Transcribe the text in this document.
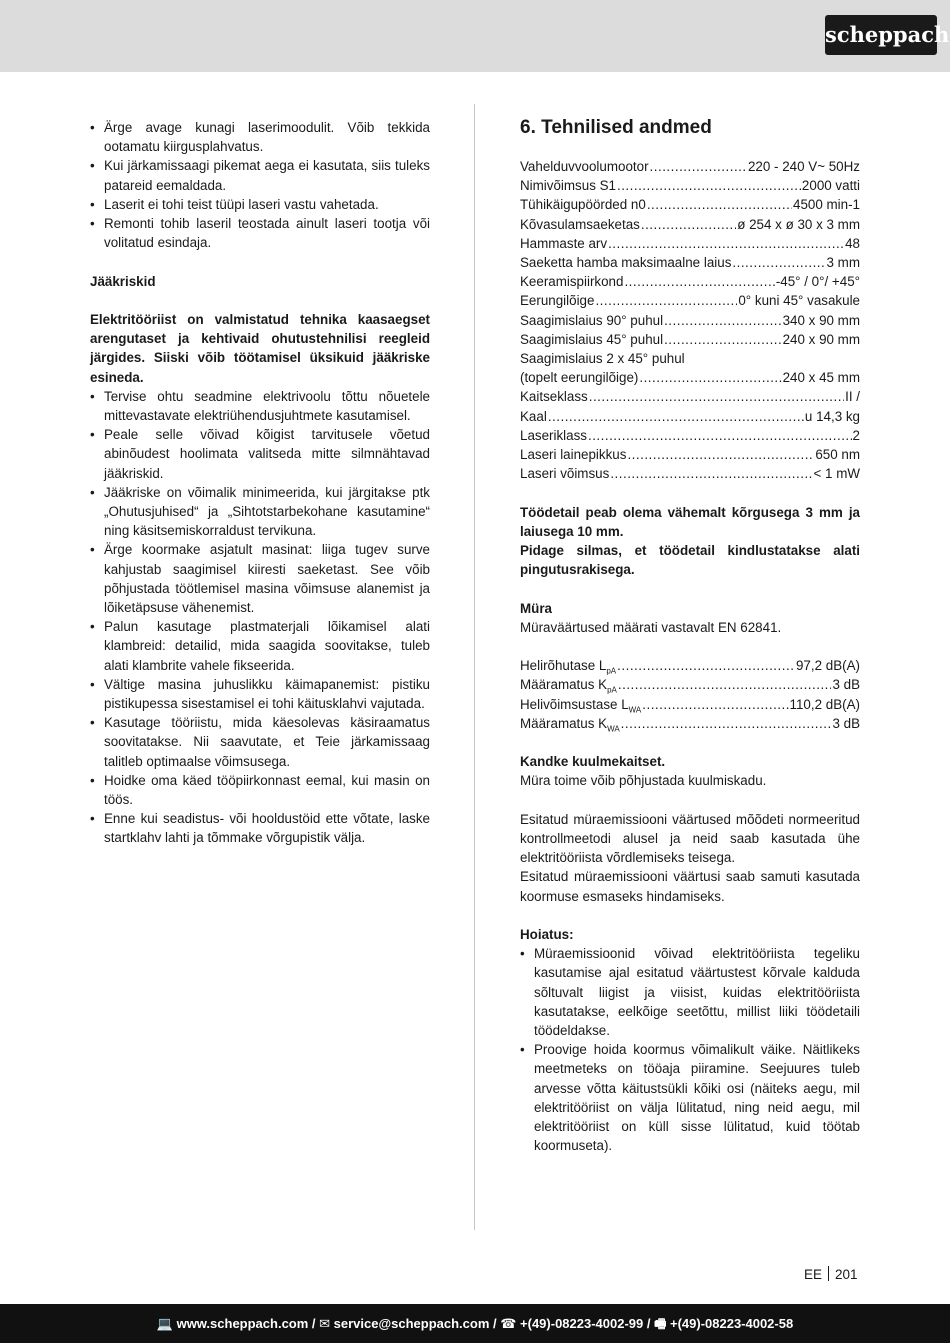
scheppach
• Ärge avage kunagi laserimoodulit. Võib tekkida ootamatu kiirgusplahvatus.
• Kui järkamissaagi pikemat aega ei kasutata, siis tuleks patareid eemaldada.
• Laserit ei tohi teist tüüpi laseri vastu vahetada.
• Remonti tohib laseril teostada ainult laseri tootja või volitatud esindaja.

Jääkriskid

Elektritööriist on valmistatud tehnika kaasaegset arengutaset ja kehtivaid ohutustehnilisi reegleid järgides. Siiski võib töötamisel üksikuid jääkriske esineda.

• Tervise ohtu seadmine elektrivoolu tõttu nõuetele mittevastavate elektriühendusjuhtmete kasutamisel.
• Peale selle võivad kõigist tarvitusele võetud abinõudest hoolimata valitseda mitte silmnähtavad jääkriskid.
• Jääkriske on võimalik minimeerida, kui järgitakse ptk „Ohutusjuhised“ ja „Sihtotstarbekohane kasutamine“ ning käsitsemiskorraldust tervikuna.
• Ärge koormake asjatult masinat: liiga tugev surve kahjustab saagimisel kiiresti saeketast. See võib põhjustada töötlemisel masina võimsuse alanemist ja lõiketäpsuse vähenemist.
• Palun kasutage plastmaterjali lõikamisel alati klambreid: detailid, mida saagida soovitakse, tuleb alati klambrite vahele fikseerida.
• Vältige masina juhuslikku käimapanemist: pistiku pistikupessa sisestamisel ei tohi käitusklahvi vajutada.
• Kasutage tööriistu, mida käesolevas käsiraamatus soovitatakse. Nii saavutate, et Teie järkamissaag talitleb optimaalse võimsusega.
• Hoidke oma käed tööpiirkonnast eemal, kui masin on töös.
• Enne kui seadistus- või hooldustöid ette võtate, laske startklahv lahti ja tõmmake võrgupistik välja.
6. Tehnilised andmed
Vahelduvvoolumootor .....	220 - 240 V~ 50Hz
Nimivõimsus S1 .....	2000 vatti
Tühikäigupöörded n0 .....	4500 min-1
Kõvasulamsaeketas .....	ø 254 x ø 30 x 3 mm
Hammaste arv .....	48
Saeketta hamba maksimaalne laius .....	3 mm
Keeramispiirkond .....	-45° / 0°/ +45°
Eerungilõige .....	0° kuni 45° vasakule
Saagimislaius 90° puhul .....	340 x 90 mm
Saagimislaius 45° puhul .....	240 x 90 mm
Saagimislaius 2 x 45° puhul
(topelt eerungilõige) .....	240 x 45 mm
Kaitseklass .....	II /
Kaal .....	u 14,3 kg
Laseriklass .....	2
Laseri lainepikkus .....	650 nm
Laseri võimsus .....	< 1 mW

Töödetail peab olema vähemalt kõrgusega 3 mm ja laiusega 10 mm.

Pidage silmas, et töödetail kindlustatakse alati pingutusrakisega.

Müra

Müraväärtused määrati vastavalt EN 62841.

Helirõhutase $L_{pA}$ .....	97,2 dB(A)
Määramatus $K_{pA}$ .....	3 dB
Helivõimsustase $L_{WA}$ .....	110,2 dB(A)
Määramatus $K_{WA}$ .....	3 dB

Kandke kuulmekaitset.

Müra toime võib põhjustada kuulmiskadu.

Esitatud müraemissiooni väärtused mõõdeti normeeritud kontrollmeetodi alusel ja neid saab kasutada ühe elektritööriista võrdlemiseks teisega.

Esitatud müraemissiooni väärtusi saab samuti kasutada koormuse esmaseks hindamiseks.

Hoiatus:

• Müraemissioonid võivad elektritööriista tegeliku kasutamise ajal esitatud väärtustest kõrvale kalduda sõltuvalt liigist ja viisist, kuidas elektritööriista kasutatakse, eelkõige seetõttu, millist liiki töödetaili töödeldakse.
• Proovige hoida koormus võimalikult väike. Näitlikeks meetmeteks on tööaja piiramine. Seejuures tuleb arvesse võtta käitustsükli kõiki osi (näiteks aegu, mil elektritööriist on välja lülitatud, ning neid aegu, mil elektritööriist on küll sisse lülitatud, kuid töötab koormuseta).
EE 201
💻 www.scheppach.com / ✉ service@scheppach.com / ☎ +(49)-08223-4002-99 / 🖷 +(49)-08223-4002-58
